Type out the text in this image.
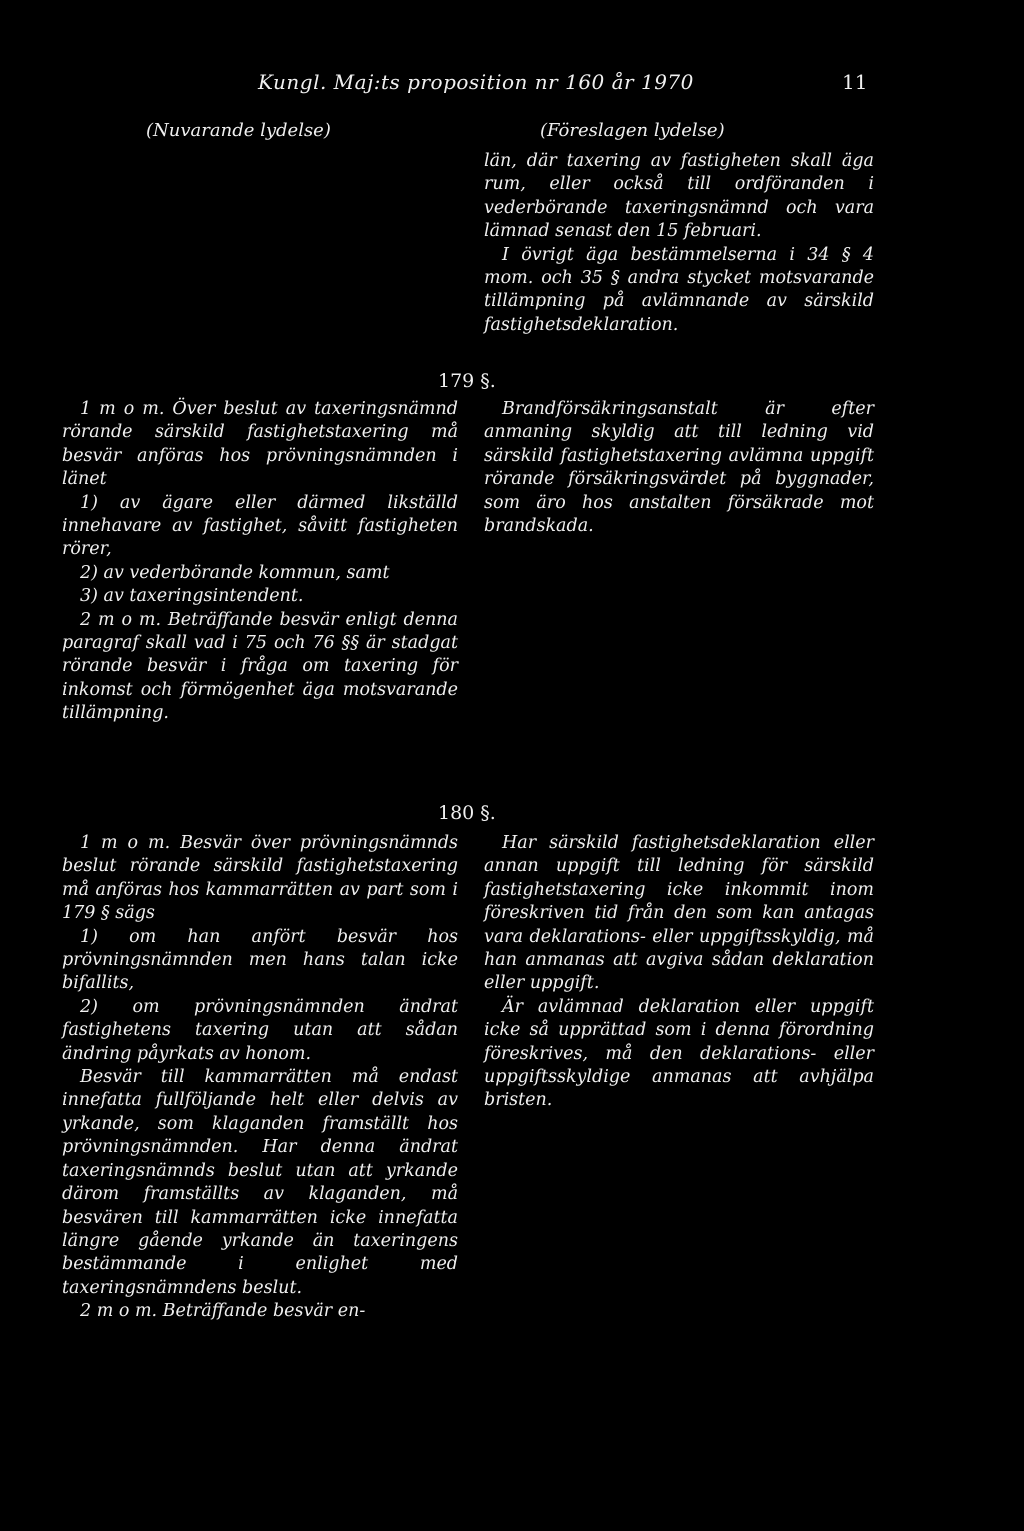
Kungl. Maj:ts proposition nr 160 år 1970	11
(Nuvarande lydelse)	(Föreslagen lydelse)

län, där taxering av fastigheten skall äga rum, eller också till ordföranden i vederbörande taxeringsnämnd och vara lämnad senast den 15 februari.

I övrigt äga bestämmelserna i 34 § 4 mom. och 35 § andra stycket motsvarande tillämpning på avlämnande av särskild fastighetsdeklaration.

179 §.

1 m o m. Över beslut av taxeringsnämnd rörande särskild fastighetstaxering må besvär anföras hos prövningsnämnden i länet

1) av ägare eller därmed likställd innehavare av fastighet, såvitt fastigheten rörer,

2) av vederbörande kommun, samt

3) av taxeringsintendent.

2 m o m. Beträffande besvär enligt denna paragraf skall vad i 75 och 76 §§ är stadgat rörande besvär i fråga om taxering för inkomst och förmögenhet äga motsvarande tillämpning.

Brandförsäkringsanstalt är efter anmaning skyldig att till ledning vid särskild fastighetstaxering avlämna uppgift rörande försäkringsvärdet på byggnader, som äro hos anstalten försäkrade mot brandskada.

180 §.

1 m o m. Besvär över prövningsnämnds beslut rörande särskild fastighetstaxering må anföras hos kammarrätten av part som i 179 § sägs

1) om han anfört besvär hos prövningsnämnden men hans talan icke bifallits,

2) om prövningsnämnden ändrat fastighetens taxering utan att sådan ändring påyrkats av honom.

Besvär till kammarrätten må endast innefatta fullföljande helt eller delvis av yrkande, som klaganden framställt hos prövningsnämnden. Har denna ändrat taxeringsnämnds beslut utan att yrkande därom framställts av klaganden, må besvären till kammarrätten icke innefatta längre gående yrkande än taxeringens bestämmande i enlighet med taxeringsnämndens beslut.

2 m o m. Beträffande besvär en-

Har särskild fastighetsdeklaration eller annan uppgift till ledning för särskild fastighetstaxering icke inkommit inom föreskriven tid från den som kan antagas vara deklarations- eller uppgiftsskyldig, må han anmanas att avgiva sådan deklaration eller uppgift.

Är avlämnad deklaration eller uppgift icke så upprättad som i denna förordning föreskrives, må den deklarations- eller uppgiftsskyldige anmanas att avhjälpa bristen.
